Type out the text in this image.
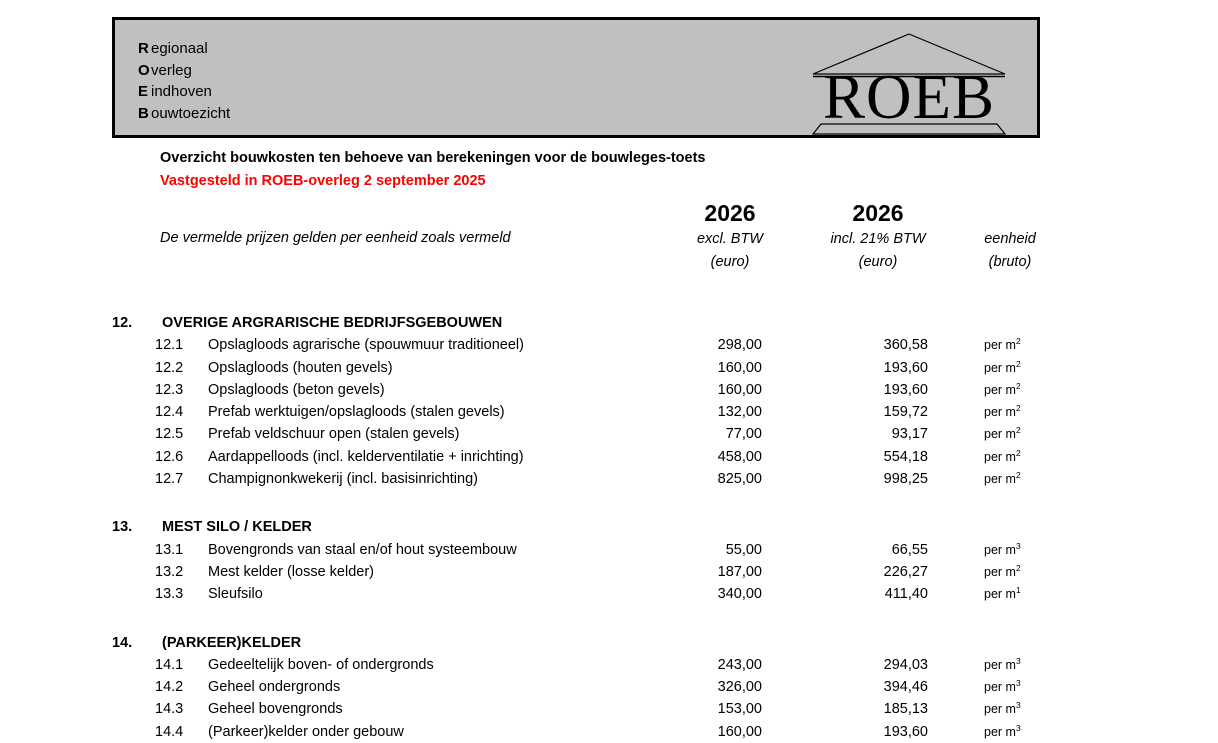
R egionaal
Overleg
E indhoven
B ouwtoezicht	ROEB
Overzicht bouwkosten ten behoeve van berekeningen voor de bouwleges-toets
Vastgesteld in ROEB-overleg 2 september 2025
De vermelde prijzen gelden per eenheid zoals vermeld
2026
excl. BTW
(euro)
2026
incl. 21% BTW
(euro)
eenheid
(bruto)
12.	OVERIGE ARGRARISCHE BEDRIJFSGEBOUWEN
12.1	Opslagloods agrarische (spouwmuur traditioneel)	298,00	360,58	per $m^2$
12.2	Opslagloods (houten gevels)	160,00	193,60	per $m^2$
12.3	Opslagloods (beton gevels)	160,00	193,60	per $m^2$
12.4	Prefab werktuigen/opslagloods (stalen gevels)	132,00	159,72	per $m^2$
12.5	Prefab veldschuur open (stalen gevels)	77,00	93,17	per $m^2$
12.6	Aardappelloods (incl. kelderventilatie + inrichting)	458,00	554,18	per $m^2$
12.7	Champignonkwekerij (incl. basisinrichting)	825,00	998,25	per $m^2$
13.	MEST SILO / KELDER
13.1	Bovengronds van staal en/of hout systeembouw	55,00	66,55	per $m^3$
13.2	Mest kelder (losse kelder)	187,00	226,27	per $m^2$
13.3	Sleufsilo	340,00	411,40	per $m^1$
14.	(PARKEER)KELDER
14.1	Gedeeltelijk boven- of ondergronds	243,00	294,03	per $m^3$
14.2	Geheel ondergronds	326,00	394,46	per $m^3$
14.3	Geheel bovengronds	153,00	185,13	per $m^3$
14.4	(Parkeer)kelder onder gebouw	160,00	193,60	per $m^3$
